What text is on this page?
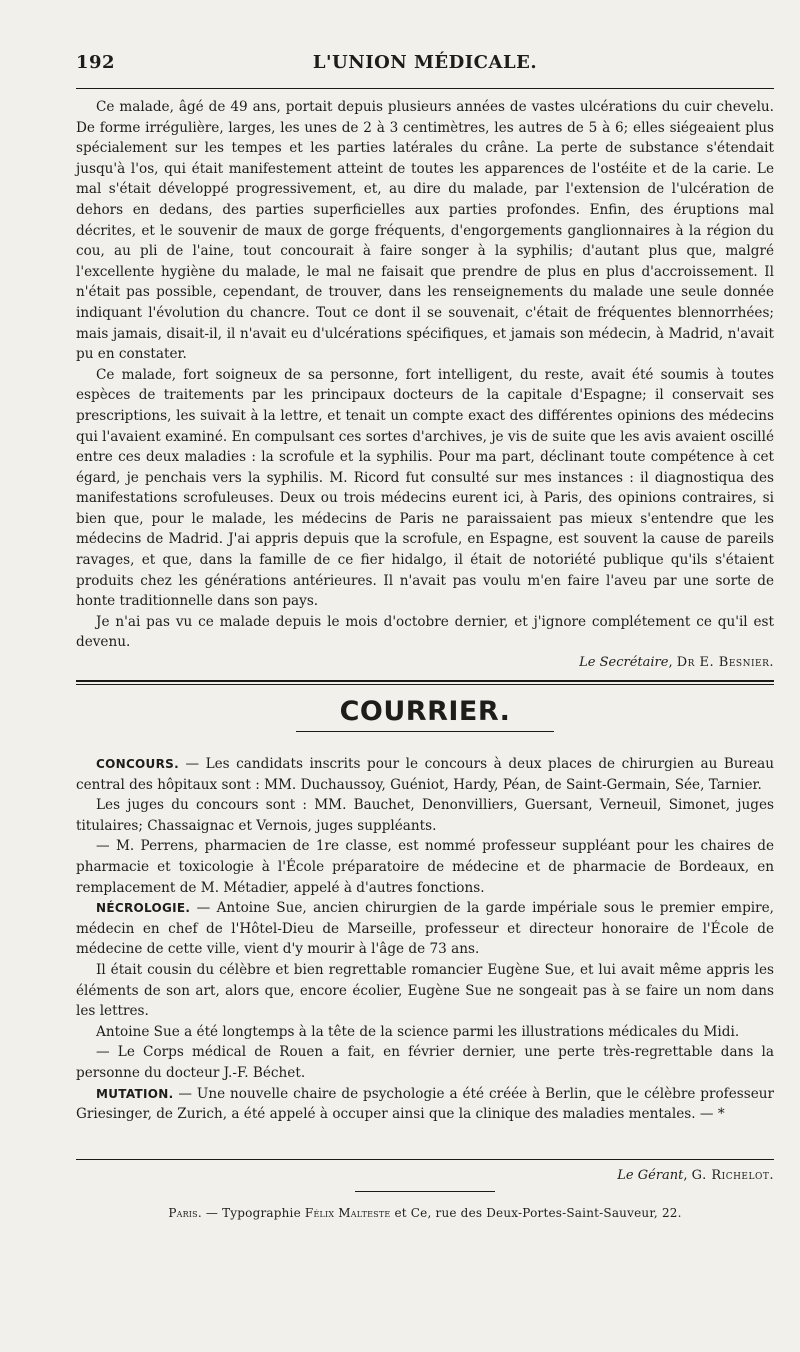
192	L'UNION MÉDICALE.

Ce malade, âgé de 49 ans, portait depuis plusieurs années de vastes ulcérations du cuir chevelu. De forme irrégulière, larges, les unes de 2 à 3 centimètres, les autres de 5 à 6; elles siégeaient plus spécialement sur les tempes et les parties latérales du crâne. La perte de substance s'étendait jusqu'à l'os, qui était manifestement atteint de toutes les apparences de l'ostéite et de la carie. Le mal s'était développé progressivement, et, au dire du malade, par l'extension de l'ulcération de dehors en dedans, des parties superficielles aux parties profondes. Enfin, des éruptions mal décrites, et le souvenir de maux de gorge fréquents, d'engorgements ganglionnaires à la région du cou, au pli de l'aine, tout concourait à faire songer à la syphilis; d'autant plus que, malgré l'excellente hygiène du malade, le mal ne faisait que prendre de plus en plus d'accroissement. Il n'était pas possible, cependant, de trouver, dans les renseignements du malade une seule donnée indiquant l'évolution du chancre. Tout ce dont il se souvenait, c'était de fréquentes blennorrhées; mais jamais, disait-il, il n'avait eu d'ulcérations spécifiques, et jamais son médecin, à Madrid, n'avait pu en constater.

Ce malade, fort soigneux de sa personne, fort intelligent, du reste, avait été soumis à toutes espèces de traitements par les principaux docteurs de la capitale d'Espagne; il conservait ses prescriptions, les suivait à la lettre, et tenait un compte exact des différentes opinions des médecins qui l'avaient examiné. En compulsant ces sortes d'archives, je vis de suite que les avis avaient oscillé entre ces deux maladies : la scrofule et la syphilis. Pour ma part, déclinant toute compétence à cet égard, je penchais vers la syphilis. M. Ricord fut consulté sur mes instances : il diagnostiqua des manifestations scrofuleuses. Deux ou trois médecins eurent ici, à Paris, des opinions contraires, si bien que, pour le malade, les médecins de Paris ne paraissaient pas mieux s'entendre que les médecins de Madrid. J'ai appris depuis que la scrofule, en Espagne, est souvent la cause de pareils ravages, et que, dans la famille de ce fier hidalgo, il était de notoriété publique qu'ils s'étaient produits chez les générations antérieures. Il n'avait pas voulu m'en faire l'aveu par une sorte de honte traditionnelle dans son pays.

Je n'ai pas vu ce malade depuis le mois d'octobre dernier, et j'ignore complétement ce qu'il est devenu.

Le Secrétaire, Dr E. Besnier.
COURRIER.

CONCOURS. — Les candidats inscrits pour le concours à deux places de chirurgien au Bureau central des hôpitaux sont : MM. Duchaussoy, Guéniot, Hardy, Péan, de Saint-Germain, Sée, Tarnier.

Les juges du concours sont : MM. Bauchet, Denonvilliers, Guersant, Verneuil, Simonet, juges titulaires; Chassaignac et Vernois, juges suppléants.

— M. Perrens, pharmacien de 1re classe, est nommé professeur suppléant pour les chaires de pharmacie et toxicologie à l'École préparatoire de médecine et de pharmacie de Bordeaux, en remplacement de M. Métadier, appelé à d'autres fonctions.

NÉCROLOGIE. — Antoine Sue, ancien chirurgien de la garde impériale sous le premier empire, médecin en chef de l'Hôtel-Dieu de Marseille, professeur et directeur honoraire de l'École de médecine de cette ville, vient d'y mourir à l'âge de 73 ans.

Il était cousin du célèbre et bien regrettable romancier Eugène Sue, et lui avait même appris les éléments de son art, alors que, encore écolier, Eugène Sue ne songeait pas à se faire un nom dans les lettres.

Antoine Sue a été longtemps à la tête de la science parmi les illustrations médicales du Midi.

— Le Corps médical de Rouen a fait, en février dernier, une perte très-regrettable dans la personne du docteur J.-F. Béchet.

MUTATION. — Une nouvelle chaire de psychologie a été créée à Berlin, que le célèbre professeur Griesinger, de Zurich, a été appelé à occuper ainsi que la clinique des maladies mentales. — *

Le Gérant, G. Richelot.
Paris. — Typographie Félix Malteste et Ce, rue des Deux-Portes-Saint-Sauveur, 22.
